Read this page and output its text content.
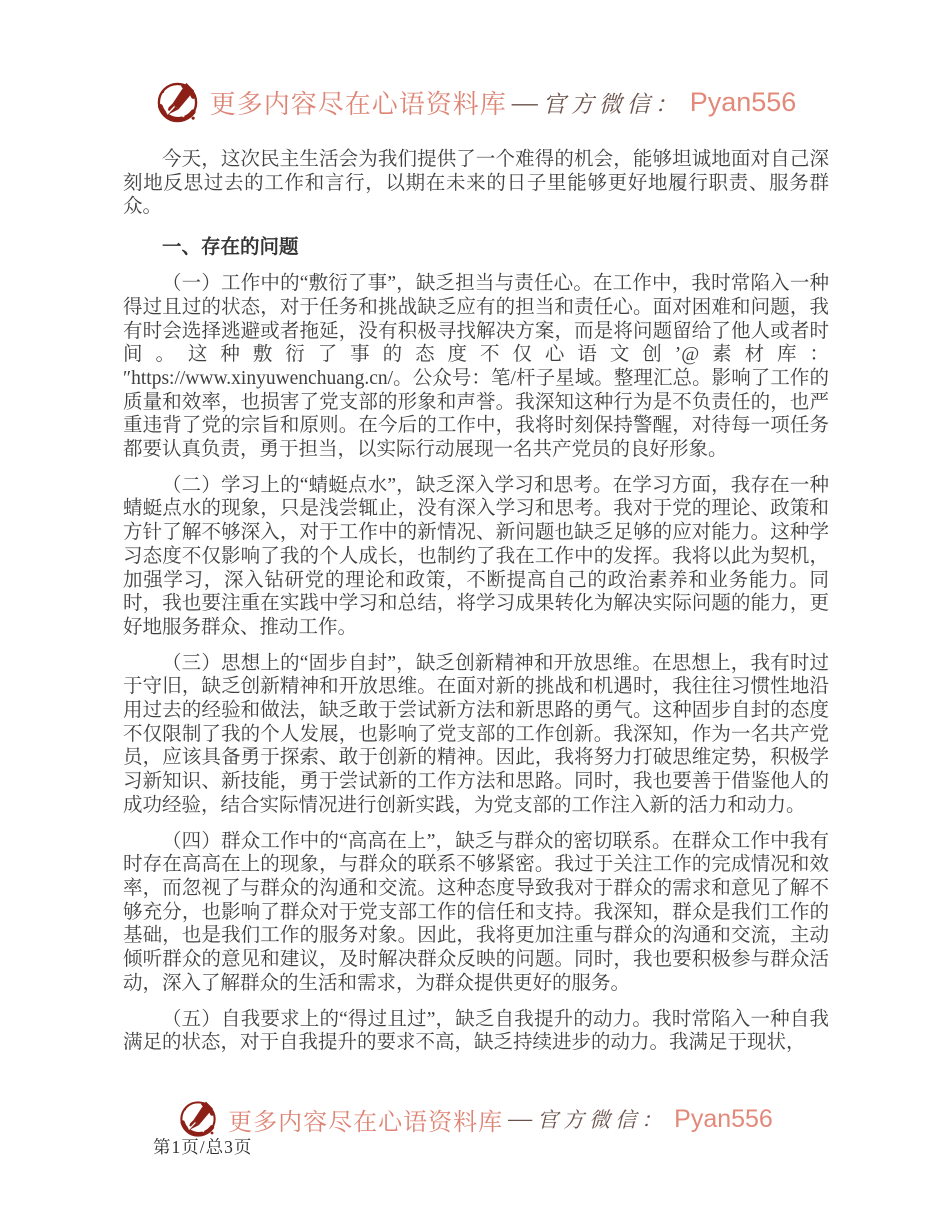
更多内容尽在心语资料库 — 官方微信： Pyan556

今天，这次民主生活会为我们提供了一个难得的机会，能够坦诚地面对自己深刻地反思过去的工作和言行，以期在未来的日子里能够更好地履行职责、服务群众。

一、存在的问题

（一）工作中的“敷衍了事”，缺乏担当与责任心。在工作中，我时常陷入一种得过且过的状态，对于任务和挑战缺乏应有的担当和责任心。面对困难和问题，我有时会选择逃避或者拖延，没有积极寻找解决方案，而是将问题留给了他人或者时间。这种敷衍了事的态度不仅心语文创’@素材库：″https://www.xinyuwenchuang.cn/。公众号：笔/杆子星域。整理汇总。影响了工作的质量和效率，也损害了党支部的形象和声誉。我深知这种行为是不负责任的，也严重违背了党的宗旨和原则。在今后的工作中，我将时刻保持警醒，对待每一项任务都要认真负责，勇于担当，以实际行动展现一名共产党员的良好形象。

（二）学习上的“蜻蜓点水”，缺乏深入学习和思考。在学习方面，我存在一种蜻蜓点水的现象，只是浅尝辄止，没有深入学习和思考。我对于党的理论、政策和方针了解不够深入，对于工作中的新情况、新问题也缺乏足够的应对能力。这种学习态度不仅影响了我的个人成长，也制约了我在工作中的发挥。我将以此为契机，加强学习，深入钻研党的理论和政策，不断提高自己的政治素养和业务能力。同时，我也要注重在实践中学习和总结，将学习成果转化为解决实际问题的能力，更好地服务群众、推动工作。

（三）思想上的“固步自封”，缺乏创新精神和开放思维。在思想上，我有时过于守旧，缺乏创新精神和开放思维。在面对新的挑战和机遇时，我往往习惯性地沿用过去的经验和做法，缺乏敢于尝试新方法和新思路的勇气。这种固步自封的态度不仅限制了我的个人发展，也影响了党支部的工作创新。我深知，作为一名共产党员，应该具备勇于探索、敢于创新的精神。因此，我将努力打破思维定势，积极学习新知识、新技能，勇于尝试新的工作方法和思路。同时，我也要善于借鉴他人的成功经验，结合实际情况进行创新实践，为党支部的工作注入新的活力和动力。

（四）群众工作中的“高高在上”，缺乏与群众的密切联系。在群众工作中我有时存在高高在上的现象，与群众的联系不够紧密。我过于关注工作的完成情况和效率，而忽视了与群众的沟通和交流。这种态度导致我对于群众的需求和意见了解不够充分，也影响了群众对于党支部工作的信任和支持。我深知，群众是我们工作的基础，也是我们工作的服务对象。因此，我将更加注重与群众的沟通和交流，主动倾听群众的意见和建议，及时解决群众反映的问题。同时，我也要积极参与群众活动，深入了解群众的生活和需求，为群众提供更好的服务。

（五）自我要求上的“得过且过”，缺乏自我提升的动力。我时常陷入一种自我满足的状态，对于自我提升的要求不高，缺乏持续进步的动力。我满足于现状，

更多内容尽在心语资料库 — 官方微信： Pyan556
第1页/总3页
